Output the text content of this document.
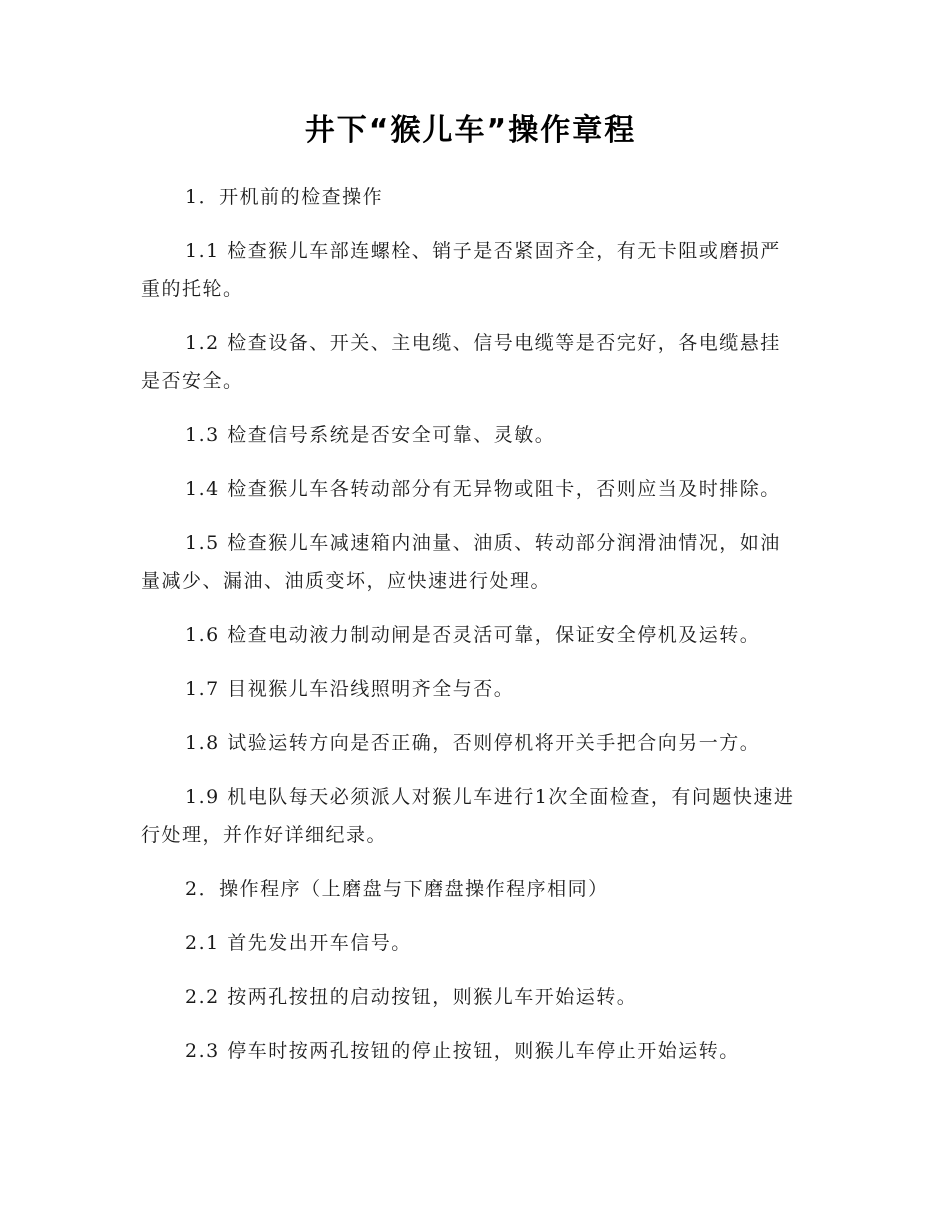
井下“猴儿车”操作章程

1．开机前的检查操作

1.1 检查猴儿车部连螺栓、销子是否紧固齐全，有无卡阻或磨损严重的托轮。

1.2 检查设备、开关、主电缆、信号电缆等是否完好，各电缆悬挂是否安全。

1.3 检查信号系统是否安全可靠、灵敏。

1.4 检查猴儿车各转动部分有无异物或阻卡，否则应当及时排除。

1.5 检查猴儿车减速箱内油量、油质、转动部分润滑油情况，如油量减少、漏油、油质变坏，应快速进行处理。

1.6 检查电动液力制动闸是否灵活可靠，保证安全停机及运转。

1.7 目视猴儿车沿线照明齐全与否。

1.8 试验运转方向是否正确，否则停机将开关手把合向另一方。

1.9 机电队每天必须派人对猴儿车进行1次全面检查，有问题快速进行处理，并作好详细纪录。

2．操作程序（上磨盘与下磨盘操作程序相同）

2.1 首先发出开车信号。

2.2 按两孔按扭的启动按钮，则猴儿车开始运转。

2.3 停车时按两孔按钮的停止按钮，则猴儿车停止开始运转。
